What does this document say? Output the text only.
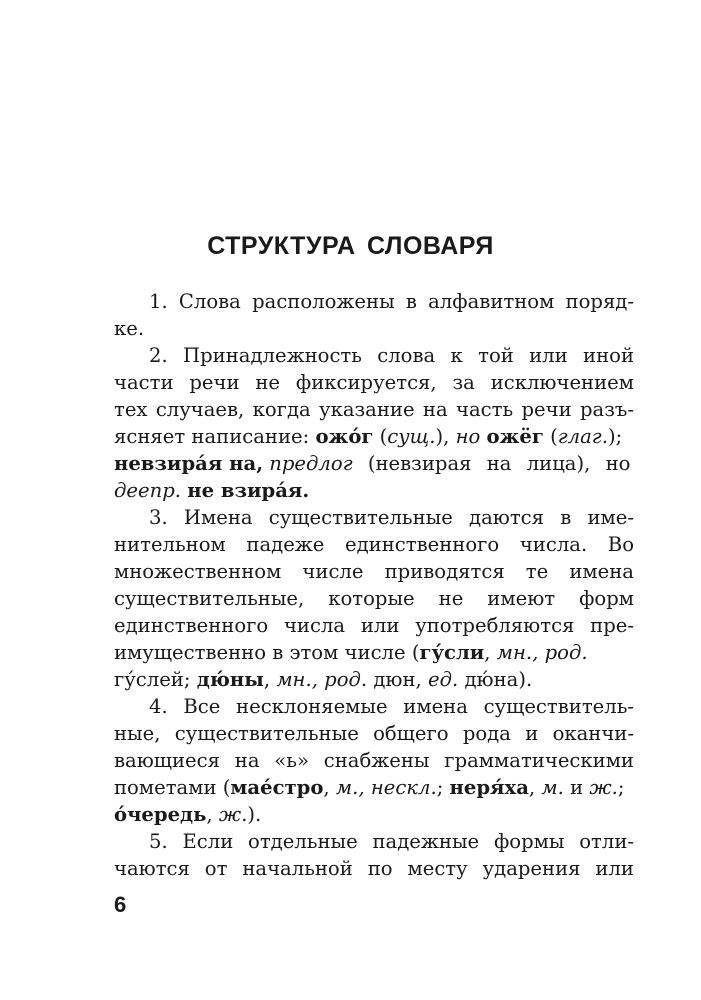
СТРУКТУРА СЛОВАРЯ
1. Слова расположены в алфавитном поряд-
ке.
2. Принадлежность слова к той или иной
части речи не фиксируется, за исключением
тех случаев, когда указание на часть речи разъ-
ясняет написание: ожо́г (сущ.), но ожёг (глаг.);
невзира́я на, предлог (невзирая на лица), но
деепр. не взира́я.
3. Имена существительные даются в име-
нительном падеже единственного числа. Во
множественном числе приводятся те имена
существительные, которые не имеют форм
единственного числа или употребляются пре-
имущественно в этом числе (гу́сли, мн., род.
гу́слей; дю́ны, мн., род. дюн, ед. дю́на).
4. Все несклоняемые имена существитель-
ные, существительные общего рода и оканчи-
вающиеся на «ь» снабжены грамматическими
пометами (мае́стро, м., нескл.; неря́ха, м. и ж.;
о́чередь, ж.).
5. Если отдельные падежные формы отли-
чаются от начальной по месту ударения или
6
